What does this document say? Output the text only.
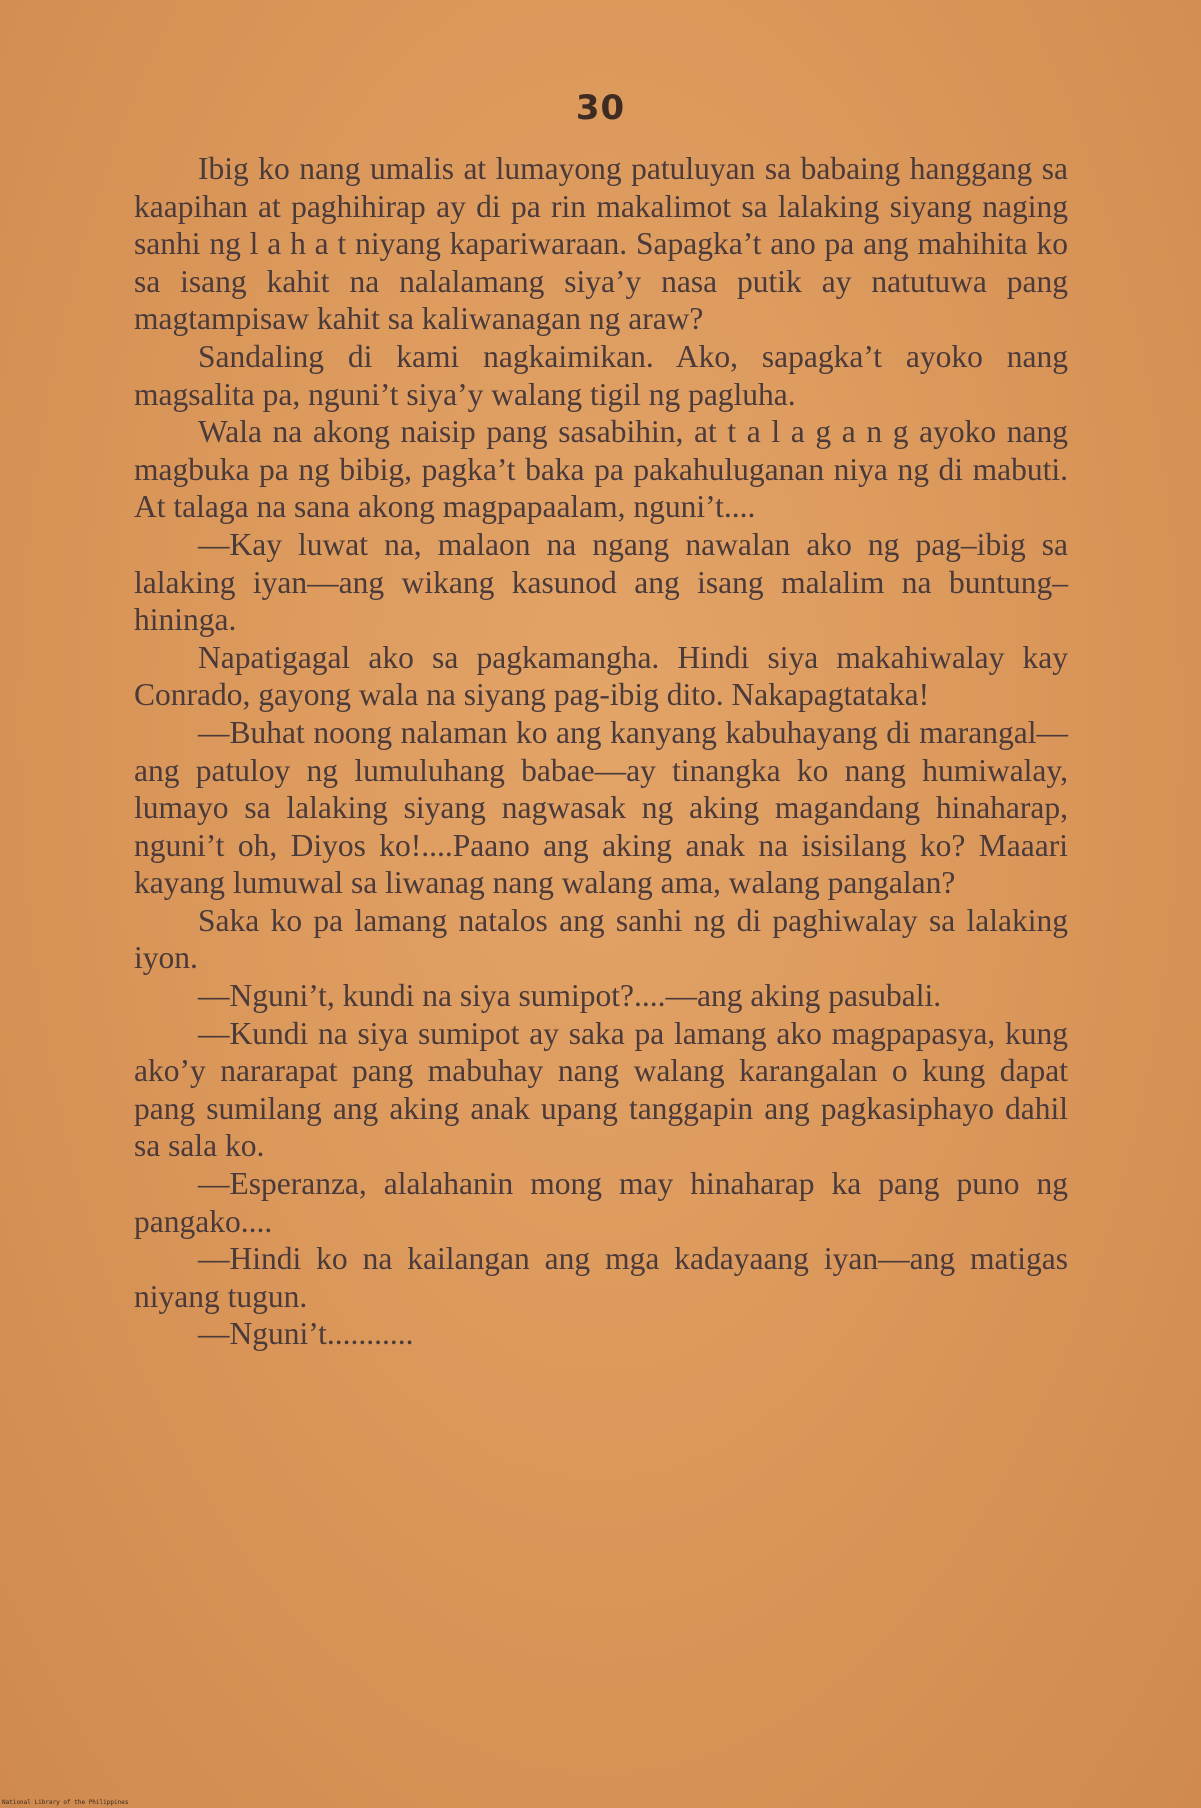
30

Ibig ko nang umalis at lumayong patuluyan sa babaing hanggang sa kaapihan at paghihirap ay di pa rin makalimot sa lalaking siyang naging sanhi ng l a h a t niyang kapariwaraan. Sapagka’t ano pa ang mahihita ko sa isang kahit na nalalamang siya’y nasa putik ay natutuwa pang magtampisaw kahit sa kaliwanagan ng araw?

Sandaling di kami nagkaimikan. Ako, sapagka’t ayoko nang magsalita pa, nguni’t siya’y walang tigil ng pagluha.

Wala na akong naisip pang sasabihin, at t a l a g a n g ayoko nang magbuka pa ng bibig, pagka’t baka pa pakahuluganan niya ng di mabuti. At talaga na sana akong magpapaalam, nguni’t....

—Kay luwat na, malaon na ngang nawalan ako ng pag–ibig sa lalaking iyan—ang wikang kasunod ang isang malalim na buntung–hininga.

Napatigagal ako sa pagkamangha. Hindi siya makahiwalay kay Conrado, gayong wala na siyang pag-ibig dito. Nakapagtataka!

—Buhat noong nalaman ko ang kanyang kabuhayang di marangal—ang patuloy ng lumuluhang babae—ay tinangka ko nang humiwalay, lumayo sa lalaking siyang nagwasak ng aking magandang hinaharap, nguni’t oh, Diyos ko!....Paano ang aking anak na isisilang ko? Maaari kayang lumuwal sa liwanag nang walang ama, walang pangalan?

Saka ko pa lamang natalos ang sanhi ng di paghiwalay sa lalaking iyon.

—Nguni’t, kundi na siya sumipot?....—ang aking pasubali.

—Kundi na siya sumipot ay saka pa lamang ako magpapasya, kung ako’y nararapat pang mabuhay nang walang karangalan o kung dapat pang sumilang ang aking anak upang tanggapin ang pagkasiphayo dahil sa sala ko.

—Esperanza, alalahanin mong may hinaharap ka pang puno ng pangako....

—Hindi ko na kailangan ang mga kadayaang iyan—ang matigas niyang tugun.

—Nguni’t...........

National Library of the Philippines
